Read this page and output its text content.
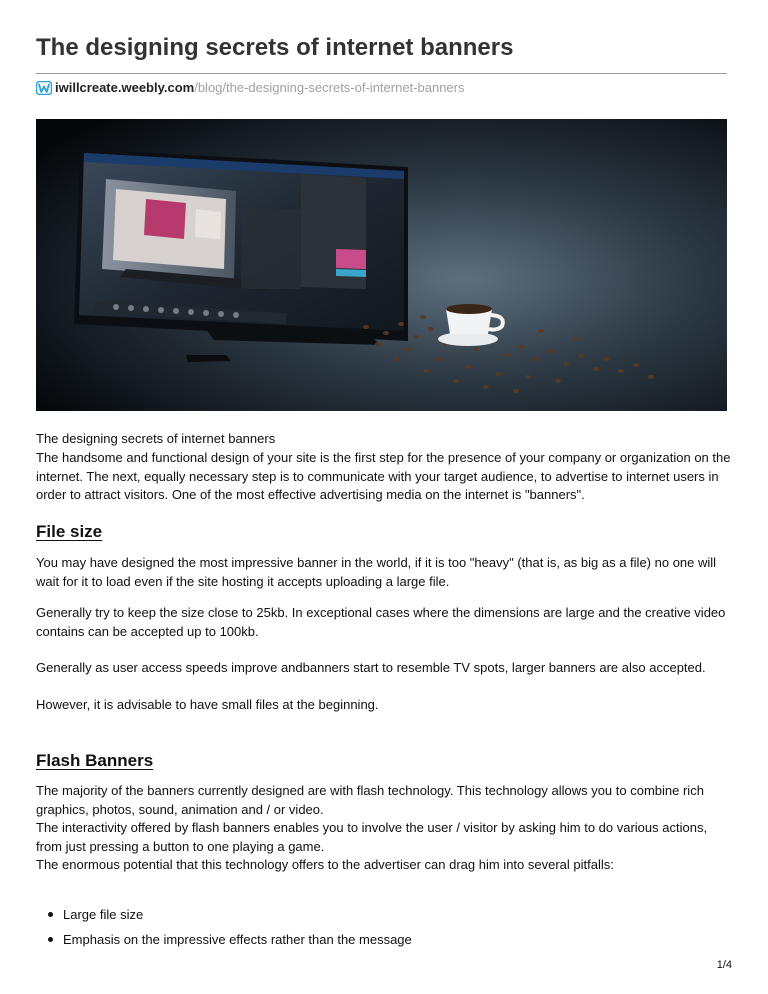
The designing secrets of internet banners
iwillcreate.weebly.com /blog/the-designing-secrets-of-internet-banners

The designing secrets of internet banners

The handsome and functional design of your site is the first step for the presence of your company or organization on the internet. The next, equally necessary step is to communicate with your target audience, to advertise to internet users in order to attract visitors. One of the most effective advertising media on the internet is "banners".

File size

You may have designed the most impressive banner in the world, if it is too "heavy" (that is, as big as a file) no one will wait for it to load even if the site hosting it accepts uploading a large file.

Generally try to keep the size close to 25kb. In exceptional cases where the dimensions are large and the creative video contains can be accepted up to 100kb.

Generally as user access speeds improve andbanners start to resemble TV spots, larger banners are also accepted.

However, it is advisable to have small files at the beginning.

Flash Banners

The majority of the banners currently designed are with flash technology. This technology allows you to combine rich graphics, photos, sound, animation and / or video.

The interactivity offered by flash banners enables you to involve the user / visitor by asking him to do various actions, from just pressing a button to one playing a game.

The enormous potential that this technology offers to the advertiser can drag him into several pitfalls:

Large file size
Emphasis on the impressive effects rather than the message
1/4
